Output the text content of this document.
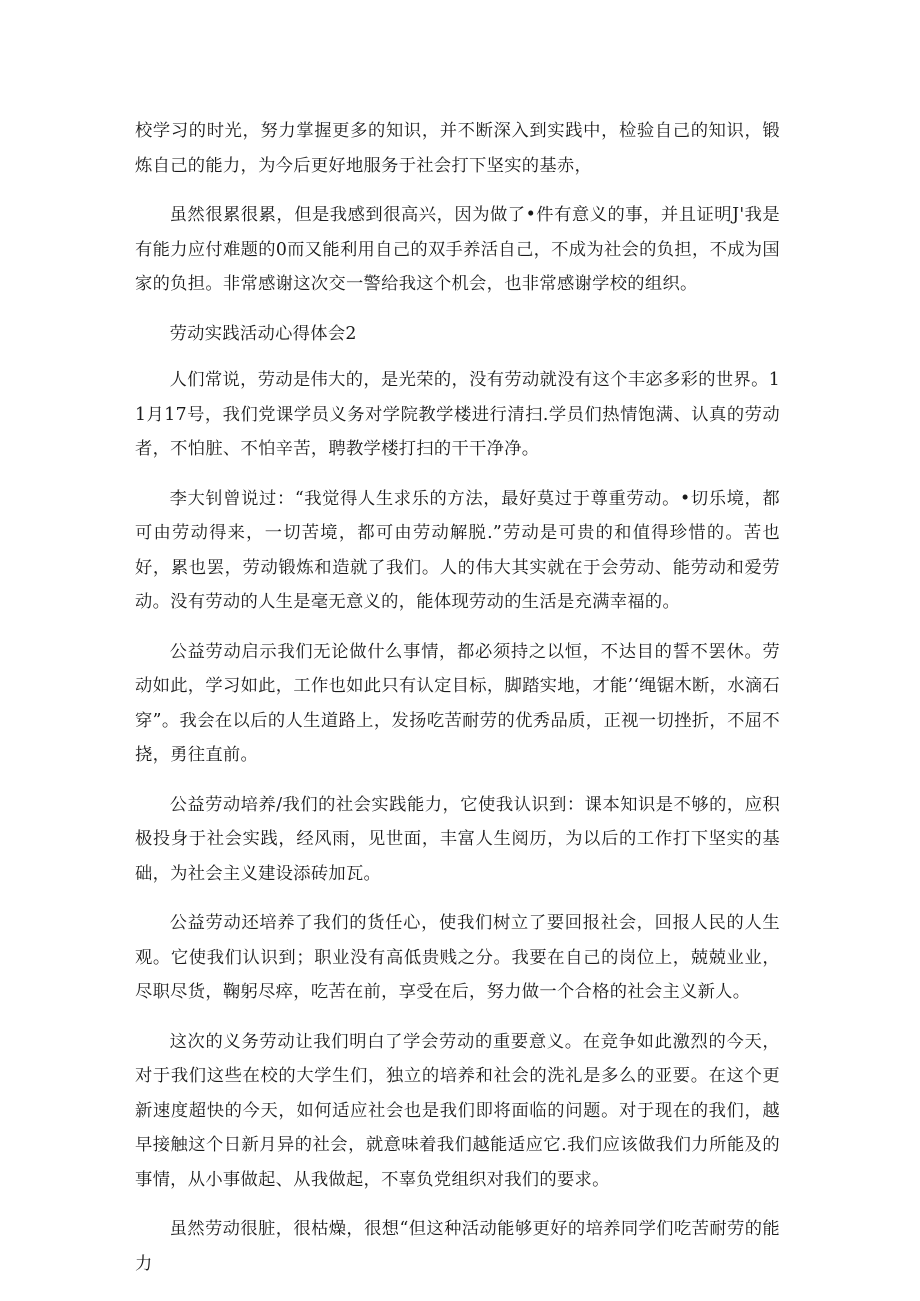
校学习的时光，努力掌握更多的知识，并不断深入到实践中，检验自己的知识，锻炼自己的能力，为今后更好地服务于社会打下坚实的基赤，

虽然很累很累，但是我感到很高兴，因为做了•件有意义的事，并且证明J'我是有能力应付难题的0而又能利用自己的双手养活自己，不成为社会的负担，不成为国家的负担。非常感谢这次交一警给我这个机会，也非常感谢学校的组织。

劳动实践活动心得体会2

人们常说，劳动是伟大的，是光荣的，没有劳动就没有这个丰宓多彩的世界。11月17号，我们党课学员义务对学院教学楼进行清扫.学员们热情饱满、认真的劳动者，不怕脏、不怕辛苦，聘教学楼打扫的干干净净。

李大钊曾说过：“我觉得人生求乐的方法，最好莫过于尊重劳动。•切乐境，都可由劳动得来，一切苦境，都可由劳动解脱.”劳动是可贵的和值得珍惜的。苦也好，累也罢，劳动锻炼和造就了我们。人的伟大其实就在于会劳动、能劳动和爱劳动。没有劳动的人生是毫无意义的，能体现劳动的生活是充满幸福的。

公益劳动启示我们无论做什么事情，都必须持之以恒，不达目的誓不罢休。劳动如此，学习如此，工作也如此只有认定目标，脚踏实地，才能’‘绳锯木断，水滴石穿”。我会在以后的人生道路上，发扬吃苦耐劳的优秀品质，正视一切挫折，不屈不挠，勇往直前。

公益劳动培养/我们的社会实践能力，它使我认识到：课本知识是不够的，应积极投身于社会实践，经风雨，见世面，丰富人生阅历，为以后的工作打下坚实的基础，为社会主义建设添砖加瓦。

公益劳动还培养了我们的货任心，使我们树立了要回报社会，回报人民的人生观。它使我们认识到；职业没有高低贵贱之分。我要在自己的岗位上，兢兢业业，尽职尽货，鞠躬尽瘁，吃苦在前，享受在后，努力做一个合格的社会主义新人。

这次的义务劳动让我们明白了学会劳动的重要意义。在竞争如此激烈的今天，对于我们这些在校的大学生们，独立的培养和社会的洗礼是多么的亚要。在这个更新速度超快的今天，如何适应社会也是我们即将面临的问题。对于现在的我们，越早接触这个日新月异的社会，就意味着我们越能适应它.我们应该做我们力所能及的事情，从小事做起、从我做起，不辜负党组织对我们的要求。

虽然劳动很脏，很枯燥，很想“但这种活动能够更好的培养同学们吃苦耐劳的能力
